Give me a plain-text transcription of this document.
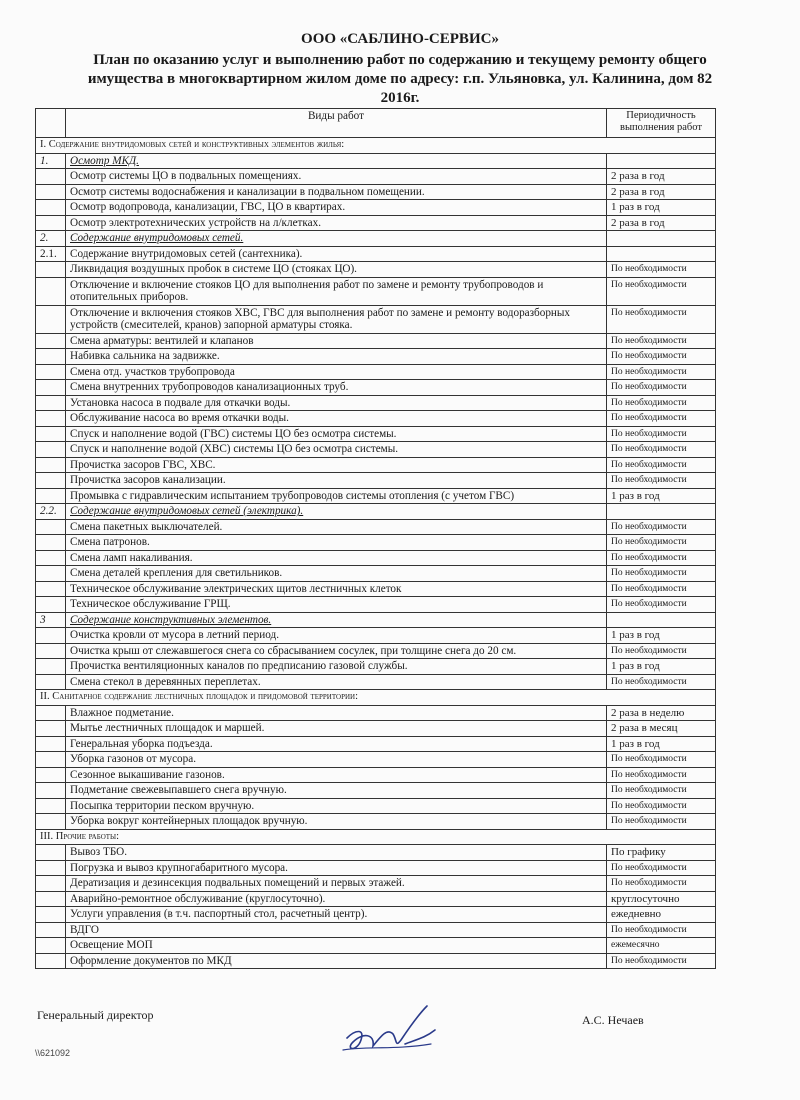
ООО «САБЛИНО-СЕРВИС»
План по оказанию услуг и выполнению работ по содержанию и текущему ремонту общего
имущества в многоквартирном жилом доме по адресу: г.п. Ульяновка, ул. Калинина, дом 82
2016г.
	Виды работ	Периодичность выполнения работ
I. Содержание внутридомовых сетей и конструктивных элементов жилья:		
1.	Осмотр МКД.	
	Осмотр системы ЦО в подвальных помещениях.	2 раза в год
	Осмотр системы водоснабжения и канализации в подвальном помещении.	2 раза в год
	Осмотр водопровода, канализации, ГВС, ЦО в квартирах.	1 раз в год
	Осмотр электротехнических устройств на л/клетках.	2 раза в год
2.	Содержание внутридомовых сетей.	
2.1.	Содержание внутридомовых сетей (сантехника).	
	Ликвидация воздушных пробок в системе ЦО (стояках ЦО).	По необходимости
	Отключение и включение стояков ЦО для выполнения работ по замене и ремонту трубопроводов и отопительных приборов.	По необходимости
	Отключение и включения стояков ХВС, ГВС для выполнения работ по замене и ремонту водоразборных устройств (смесителей, кранов) запорной арматуры стояка.	По необходимости
	Смена арматуры: вентилей и клапанов	По необходимости
	Набивка сальника на задвижке.	По необходимости
	Смена отд. участков трубопровода	По необходимости
	Смена внутренних трубопроводов канализационных труб.	По необходимости
	Установка насоса в подвале для откачки воды.	По необходимости
	Обслуживание насоса во время откачки воды.	По необходимости
	Спуск и наполнение водой (ГВС) системы ЦО без осмотра системы.	По необходимости
	Спуск и наполнение водой (ХВС) системы ЦО без осмотра системы.	По необходимости
	Прочистка засоров ГВС, ХВС.	По необходимости
	Прочистка засоров канализации.	По необходимости
	Промывка с гидравлическим испытанием трубопроводов системы отопления (с учетом ГВС)	1 раз в год
2.2.	Содержание внутридомовых сетей (электрика).	
	Смена пакетных выключателей.	По необходимости
	Смена патронов.	По необходимости
	Смена ламп накаливания.	По необходимости
	Смена деталей крепления для светильников.	По необходимости
	Техническое обслуживание электрических щитов лестничных клеток	По необходимости
	Техническое обслуживание ГРЩ.	По необходимости
3	Содержание конструктивных элементов.	
	Очистка кровли от мусора в летний период.	1 раз в год
	Очистка крыш от слежавшегося снега со сбрасыванием сосулек, при толщине снега до 20 см.	По необходимости
	Прочистка вентиляционных каналов по предписанию газовой службы.	1 раз в год
	Смена стекол в деревянных переплетах.	По необходимости
II. Санитарное содержание лестничных площадок и придомовой территории:		
	Влажное подметание.	2 раза в неделю
	Мытье лестничных площадок и маршей.	2 раза в месяц
	Генеральная уборка подъезда.	1 раз в год
	Уборка газонов от мусора.	По необходимости
	Сезонное выкашивание газонов.	По необходимости
	Подметание свежевыпавшего снега вручную.	По необходимости
	Посыпка территории песком вручную.	По необходимости
	Уборка вокруг контейнерных площадок вручную.	По необходимости
III. Прочие работы:		
	Вывоз ТБО.	По графику
	Погрузка и вывоз крупногабаритного мусора.	По необходимости
	Дератизация и дезинсекция подвальных помещений и первых этажей.	По необходимости
	Аварийно-ремонтное обслуживание (круглосуточно).	круглосуточно
	Услуги управления (в т.ч. паспортный стол, расчетный центр).	ежедневно
	ВДГО	По необходимости
	Освещение МОП	ежемесячно
	Оформление документов по МКД	По необходимости
Генеральный директор	А.С. Нечаев
\\621092
